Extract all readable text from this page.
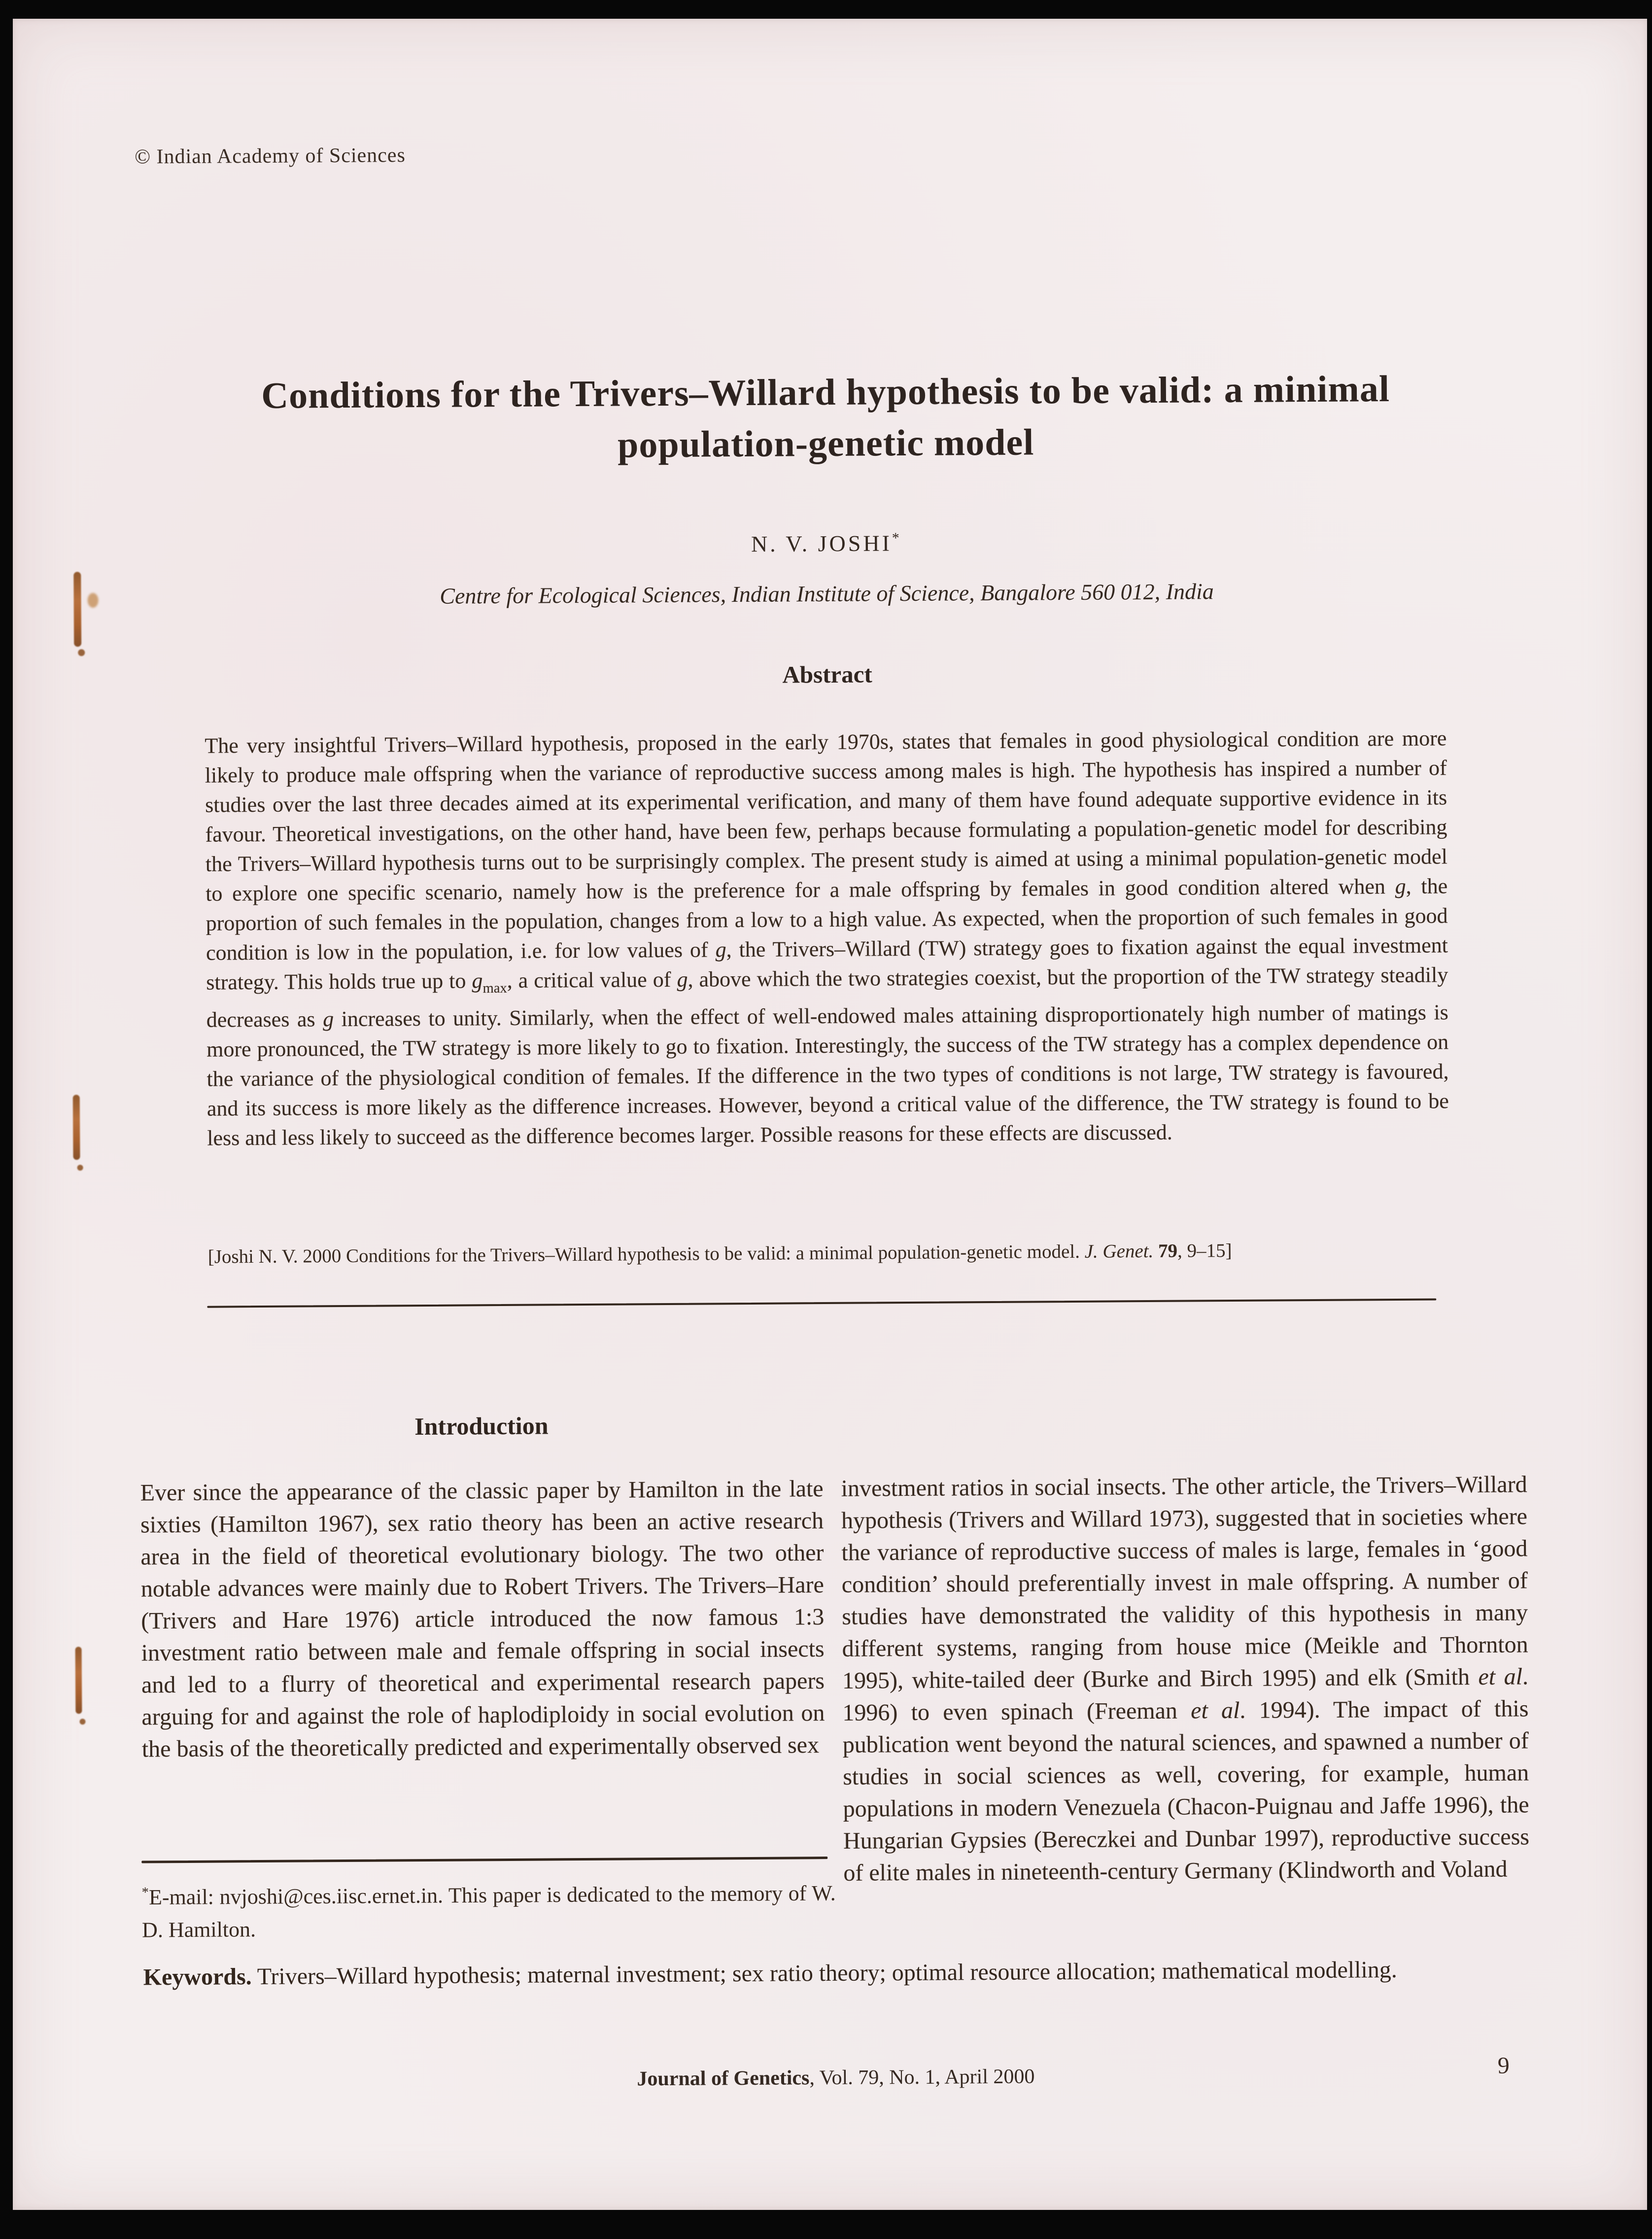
© Indian Academy of Sciences
Conditions for the Trivers–Willard hypothesis to be valid: a minimal
population-genetic model
N. V. JOSHI*
Centre for Ecological Sciences, Indian Institute of Science, Bangalore 560 012, India
Abstract
The very insightful Trivers–Willard hypothesis, proposed in the early 1970s, states that females in good physiological condition are more likely to produce male offspring when the variance of reproductive success among males is high. The hypothesis has inspired a number of studies over the last three decades aimed at its experimental verification, and many of them have found adequate supportive evidence in its favour. Theoretical investigations, on the other hand, have been few, perhaps because formulating a population-genetic model for describing the Trivers–Willard hypothesis turns out to be surprisingly complex. The present study is aimed at using a minimal population-genetic model to explore one specific scenario, namely how is the preference for a male offspring by females in good condition altered when g, the proportion of such females in the population, changes from a low to a high value. As expected, when the proportion of such females in good condition is low in the population, i.e. for low values of g, the Trivers–Willard (TW) strategy goes to fixation against the equal investment strategy. This holds true up to $g_{max}$, a critical value of g, above which the two strategies coexist, but the proportion of the TW strategy steadily decreases as g increases to unity. Similarly, when the effect of well-endowed males attaining disproportionately high number of matings is more pronounced, the TW strategy is more likely to go to fixation. Interestingly, the success of the TW strategy has a complex dependence on the variance of the physiological condition of females. If the difference in the two types of conditions is not large, TW strategy is favoured, and its success is more likely as the difference increases. However, beyond a critical value of the difference, the TW strategy is found to be less and less likely to succeed as the difference becomes larger. Possible reasons for these effects are discussed.
[Joshi N. V. 2000 Conditions for the Trivers–Willard hypothesis to be valid: a minimal population-genetic model. J. Genet. 79, 9–15]
Introduction
Ever since the appearance of the classic paper by Hamilton in the late sixties (Hamilton 1967), sex ratio theory has been an active research area in the field of theoretical evolutionary biology. The two other notable advances were mainly due to Robert Trivers. The Trivers–Hare (Trivers and Hare 1976) article introduced the now famous 1:3 investment ratio between male and female offspring in social insects and led to a flurry of theoretical and experimental research papers arguing for and against the role of haplodiploidy in social evolution on the basis of the theoretically predicted and experimentally observed sex
investment ratios in social insects. The other article, the Trivers–Willard hypothesis (Trivers and Willard 1973), suggested that in societies where the variance of reproductive success of males is large, females in ‘good condition’ should preferentially invest in male offspring. A number of studies have demonstrated the validity of this hypothesis in many different systems, ranging from house mice (Meikle and Thornton 1995), white-tailed deer (Burke and Birch 1995) and elk (Smith et al. 1996) to even spinach (Freeman et al. 1994). The impact of this publication went beyond the natural sciences, and spawned a number of studies in social sciences as well, covering, for example, human populations in modern Venezuela (Chacon-Puignau and Jaffe 1996), the Hungarian Gypsies (Bereczkei and Dunbar 1997), reproductive success of elite males in nineteenth-century Germany (Klindworth and Voland
*E-mail: nvjoshi@ces.iisc.ernet.in. This paper is dedicated to the memory of W. D. Hamilton.
Keywords. Trivers–Willard hypothesis; maternal investment; sex ratio theory; optimal resource allocation; mathematical modelling.
Journal of Genetics, Vol. 79, No. 1, April 2000	9
